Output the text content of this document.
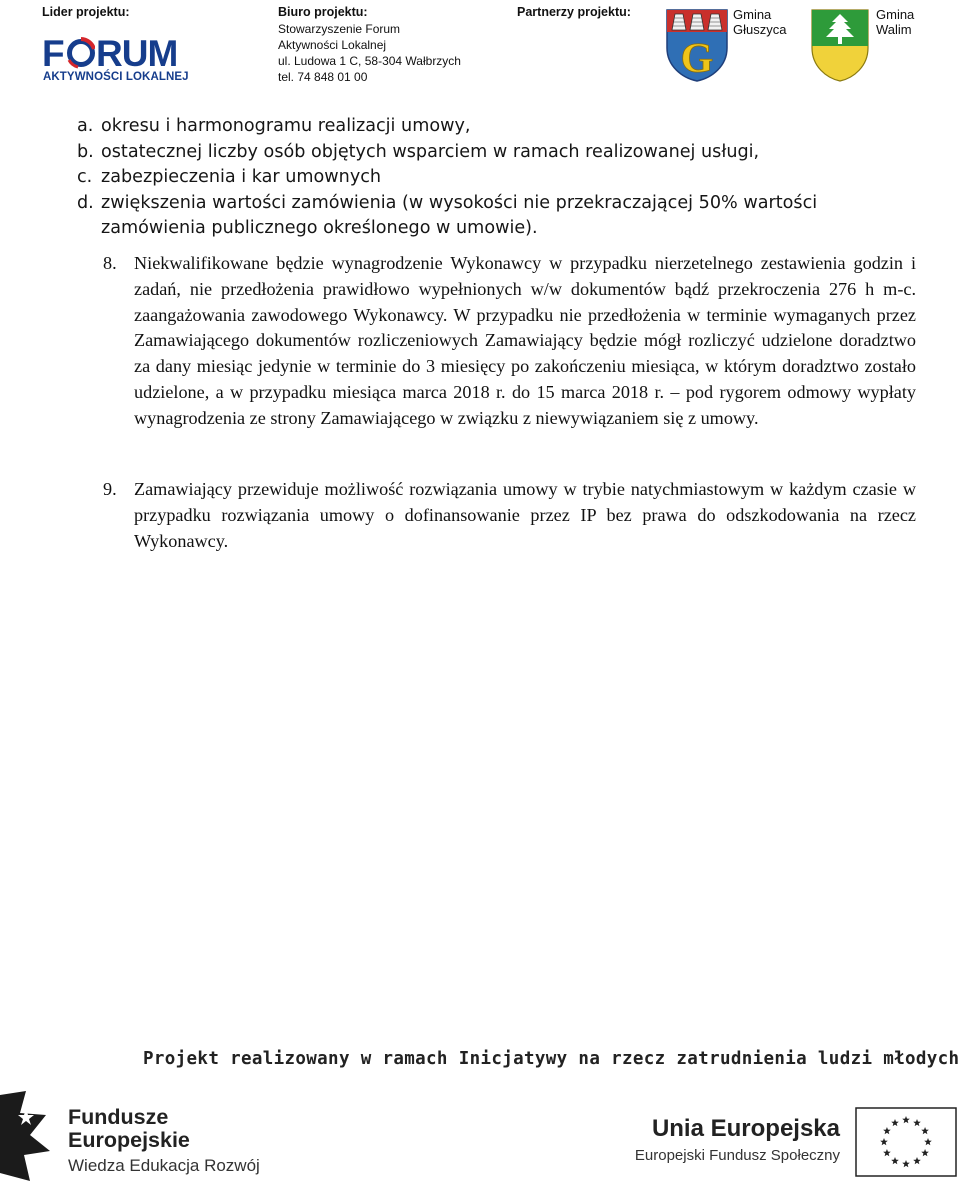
Lider projektu:
F RUM
AKTYWNOŚCI LOKALNEJ
Biuro projektu:
Stowarzyszenie Forum
Aktywności Lokalnej
ul. Ludowa 1 C, 58-304 Wałbrzych
tel. 74 848 01 00
Partnerzy projektu:
G
Gmina
Głuszyca
Gmina
Walim
a. okresu i harmonogramu realizacji umowy,
b. ostatecznej liczby osób objętych wsparciem w ramach realizowanej usługi,
c. zabezpieczenia i kar umownych
d. zwiększenia wartości zamówienia (w wysokości nie przekraczającej 50% wartości zamówienia publicznego określonego w umowie).
8. Niekwalifikowane będzie wynagrodzenie Wykonawcy w przypadku nierzetelnego zestawienia godzin i zadań, nie przedłożenia prawidłowo wypełnionych w/w dokumentów bądź przekroczenia 276 h m-c. zaangażowania zawodowego Wykonawcy. W przypadku nie przedłożenia w terminie wymaganych przez Zamawiającego dokumentów rozliczeniowych Zamawiający będzie mógł rozliczyć udzielone doradztwo za dany miesiąc jedynie w terminie do 3 miesięcy po zakończeniu miesiąca, w którym doradztwo zostało udzielone, a w przypadku miesiąca marca 2018 r. do 15 marca 2018 r. – pod rygorem odmowy wypłaty wynagrodzenia ze strony Zamawiającego w związku z niewywiązaniem się z umowy.
9. Zamawiający przewiduje możliwość rozwiązania umowy w trybie natychmiastowym w każdym czasie w przypadku rozwiązania umowy o dofinansowanie przez IP bez prawa do odszkodowania na rzecz Wykonawcy.
Projekt realizowany w ramach Inicjatywy na rzecz zatrudnienia ludzi młodych
Fundusze
Europejskie
Wiedza Edukacja Rozwój
Unia Europejska
Europejski Fundusz Społeczny
